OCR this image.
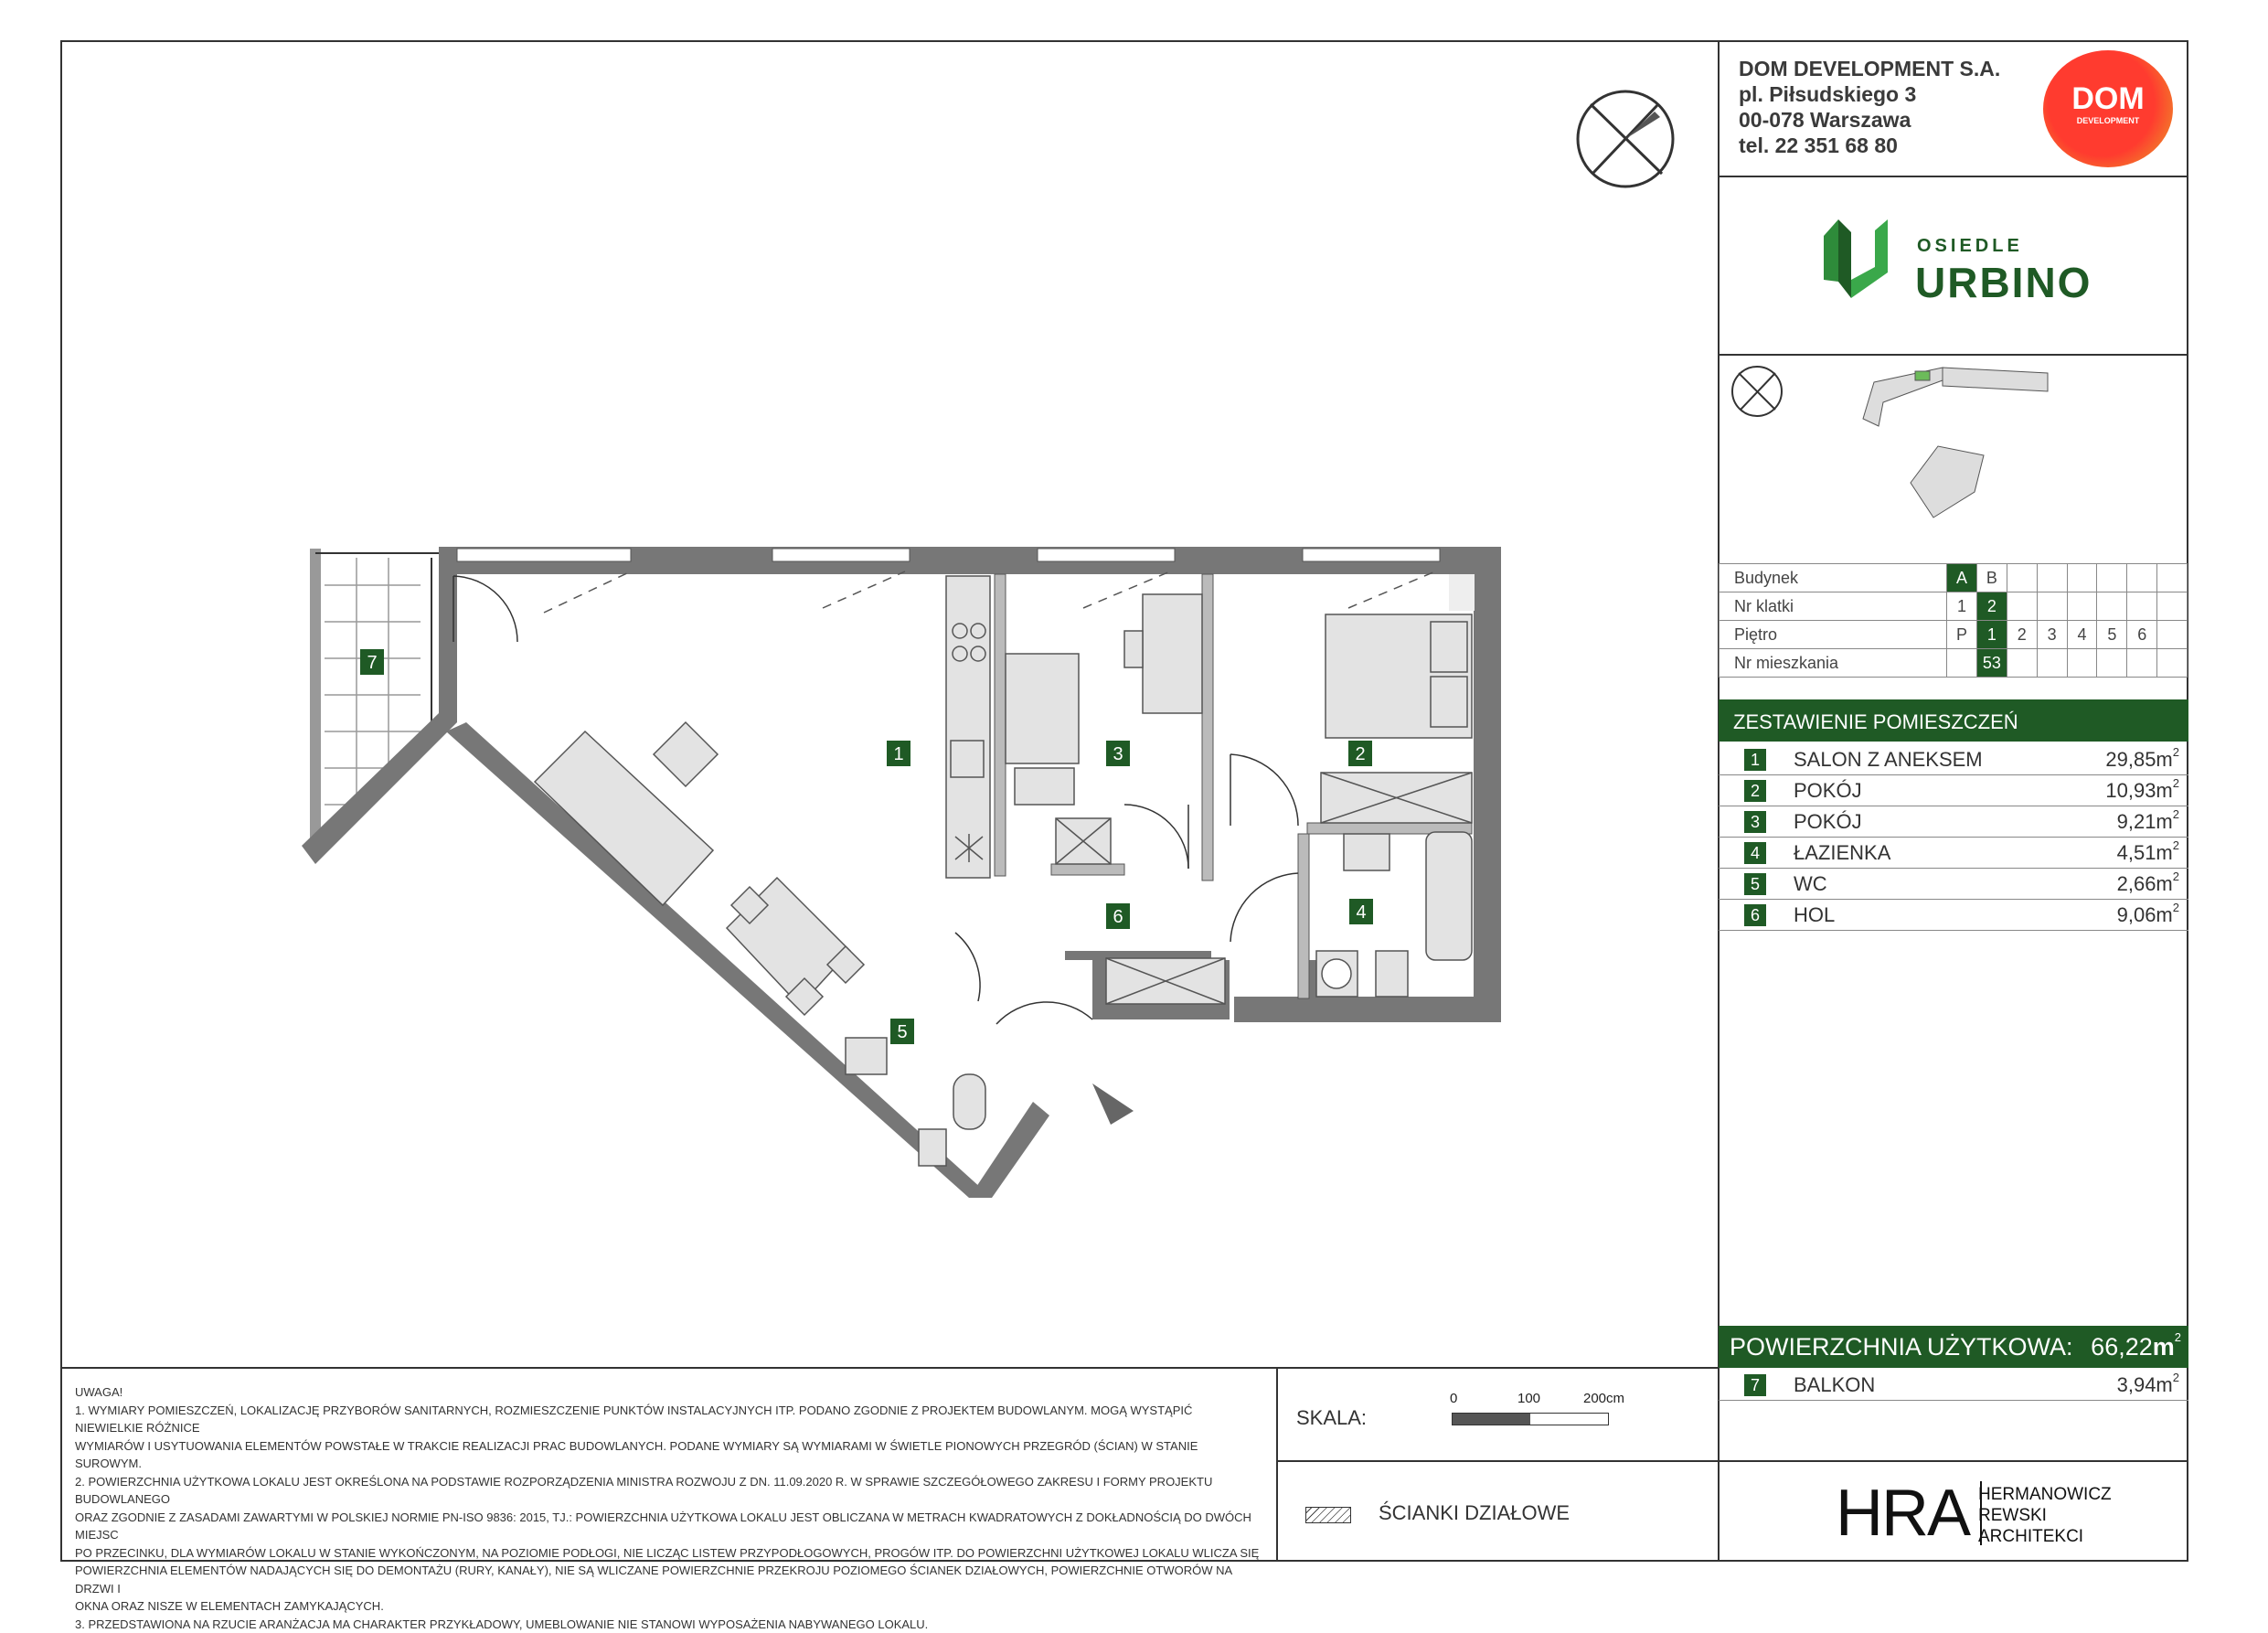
7
1	3	2
6	4
5
DOM DEVELOPMENT S.A.
pl. Piłsudskiego 3
00-078 Warszawa
tel. 22 351 68 80
DOM
DEVELOPMENT
OSIEDLE
URBINO
Budynek	A	B						
Nr klatki	1	2						
Piętro	P	1	2	3	4	5	6	
Nr mieszkania		53						
ZESTAWIENIE POMIESZCZEŃ
1	SALON Z ANEKSEM	$29,85m^2$
2	POKÓJ	$10,93m^2$
3	POKÓJ	$9,21m^2$
4	ŁAZIENKA	$4,51m^2$
5	WC	$2,66m^2$
6	HOL	$9,06m^2$
POWIERZCHNIA UŻYTKOWA: $66,22m^2$
7	BALKON	$3,94m^2$
UWAGA!
1. WYMIARY POMIESZCZEŃ, LOKALIZACJĘ PRZYBORÓW SANITARNYCH, ROZMIESZCZENIE PUNKTÓW INSTALACYJNYCH ITP. PODANO ZGODNIE Z PROJEKTEM BUDOWLANYM. MOGĄ WYSTĄPIĆ NIEWIELKIE RÓŻNICE
WYMIARÓW I USYTUOWANIA ELEMENTÓW POWSTAŁE W TRAKCIE REALIZACJI PRAC BUDOWLANYCH. PODANE WYMIARY SĄ WYMIARAMI W ŚWIETLE PIONOWYCH PRZEGRÓD (ŚCIAN) W STANIE SUROWYM.
2. POWIERZCHNIA UŻYTKOWA LOKALU JEST OKREŚLONA NA PODSTAWIE ROZPORZĄDZENIA MINISTRA ROZWOJU Z DN. 11.09.2020 R. W SPRAWIE SZCZEGÓŁOWEGO ZAKRESU I FORMY PROJEKTU BUDOWLANEGO
ORAZ ZGODNIE Z ZASADAMI ZAWARTYMI W POLSKIEJ NORMIE PN-ISO 9836: 2015, TJ.: POWIERZCHNIA UŻYTKOWA LOKALU JEST OBLICZANA W METRACH KWADRATOWYCH Z DOKŁADNOŚCIĄ DO DWÓCH MIEJSC
PO PRZECINKU, DLA WYMIARÓW LOKALU W STANIE WYKOŃCZONYM, NA POZIOMIE PODŁOGI, NIE LICZĄC LISTEW PRZYPODŁOGOWYCH, PROGÓW ITP. DO POWIERZCHNI UŻYTKOWEJ LOKALU WLICZA SIĘ
POWIERZCHNIA ELEMENTÓW NADAJĄCYCH SIĘ DO DEMONTAŻU (RURY, KANAŁY), NIE SĄ WLICZANE POWIERZCHNIE PRZEKROJU POZIOMEGO ŚCIANEK DZIAŁOWYCH, POWIERZCHNIE OTWORÓW NA DRZWI I
OKNA ORAZ NISZE W ELEMENTACH ZAMYKAJĄCYCH.
3. PRZEDSTAWIONA NA RZUCIE ARANŻACJA MA CHARAKTER PRZYKŁADOWY, UMEBLOWANIE NIE STANOWI WYPOSAŻENIA NABYWANEGO LOKALU.
SKALA:
0	100	200cm
ŚCIANKI DZIAŁOWE	HRA HERMANOWICZ
REWSKI
ARCHITEKCI
